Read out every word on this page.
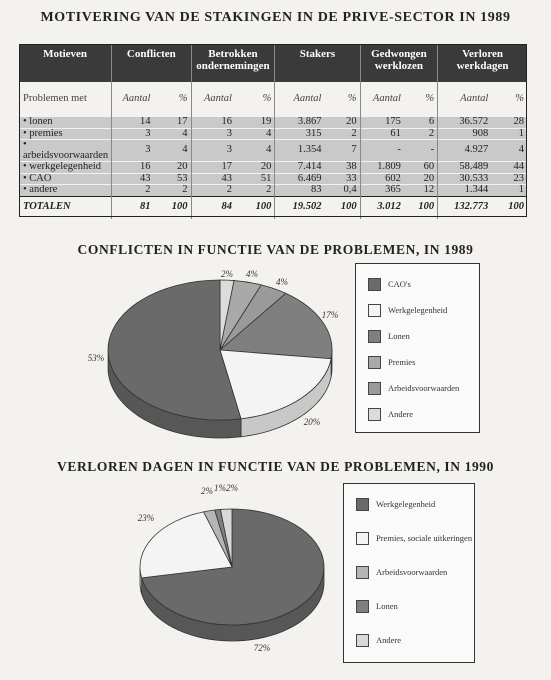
MOTIVERING VAN DE STAKINGEN IN DE PRIVE-SECTOR IN 1989
Motieven	Conflicten		Betrokken ondernemingen		Stakers		Gedwongen werklozen		Verloren werkdagen	
Problemen met	Aantal	%	Aantal	%	Aantal	%	Aantal	%	Aantal	%
• lonen	14	17	16	19	3.867	20	175	6	36.572	28
• premies	3	4	3	4	315	2	61	2	908	1
• arbeidsvoorwaarden	3	4	3	4	1.354	7	-	-	4.927	4
• werkgelegenheid	16	20	17	20	7.414	38	1.809	60	58.489	44
• CAO	43	53	43	51	6.469	33	602	20	30.533	23
• andere	2	2	2	2	83	0,4	365	12	1.344	1
TOTALEN	81	100	84	100	19.502	100	3.012	100	132.773	100
CONFLICTEN IN FUNCTIE VAN DE PROBLEMEN, IN 1989
VERLOREN DAGEN IN FUNCTIE VAN DE PROBLEMEN, IN 1990
2% 4%
4%
17%
20%
53%
72%
23%
2% 1% 2%
CAO's
Werkgelegenheid
Lonen
Premies
Arbeidsvoorwaarden
Andere
Werkgelegenheid
Premies, sociale uitkeringen
Arbeidsvoorwaarden
Lonen
Andere
